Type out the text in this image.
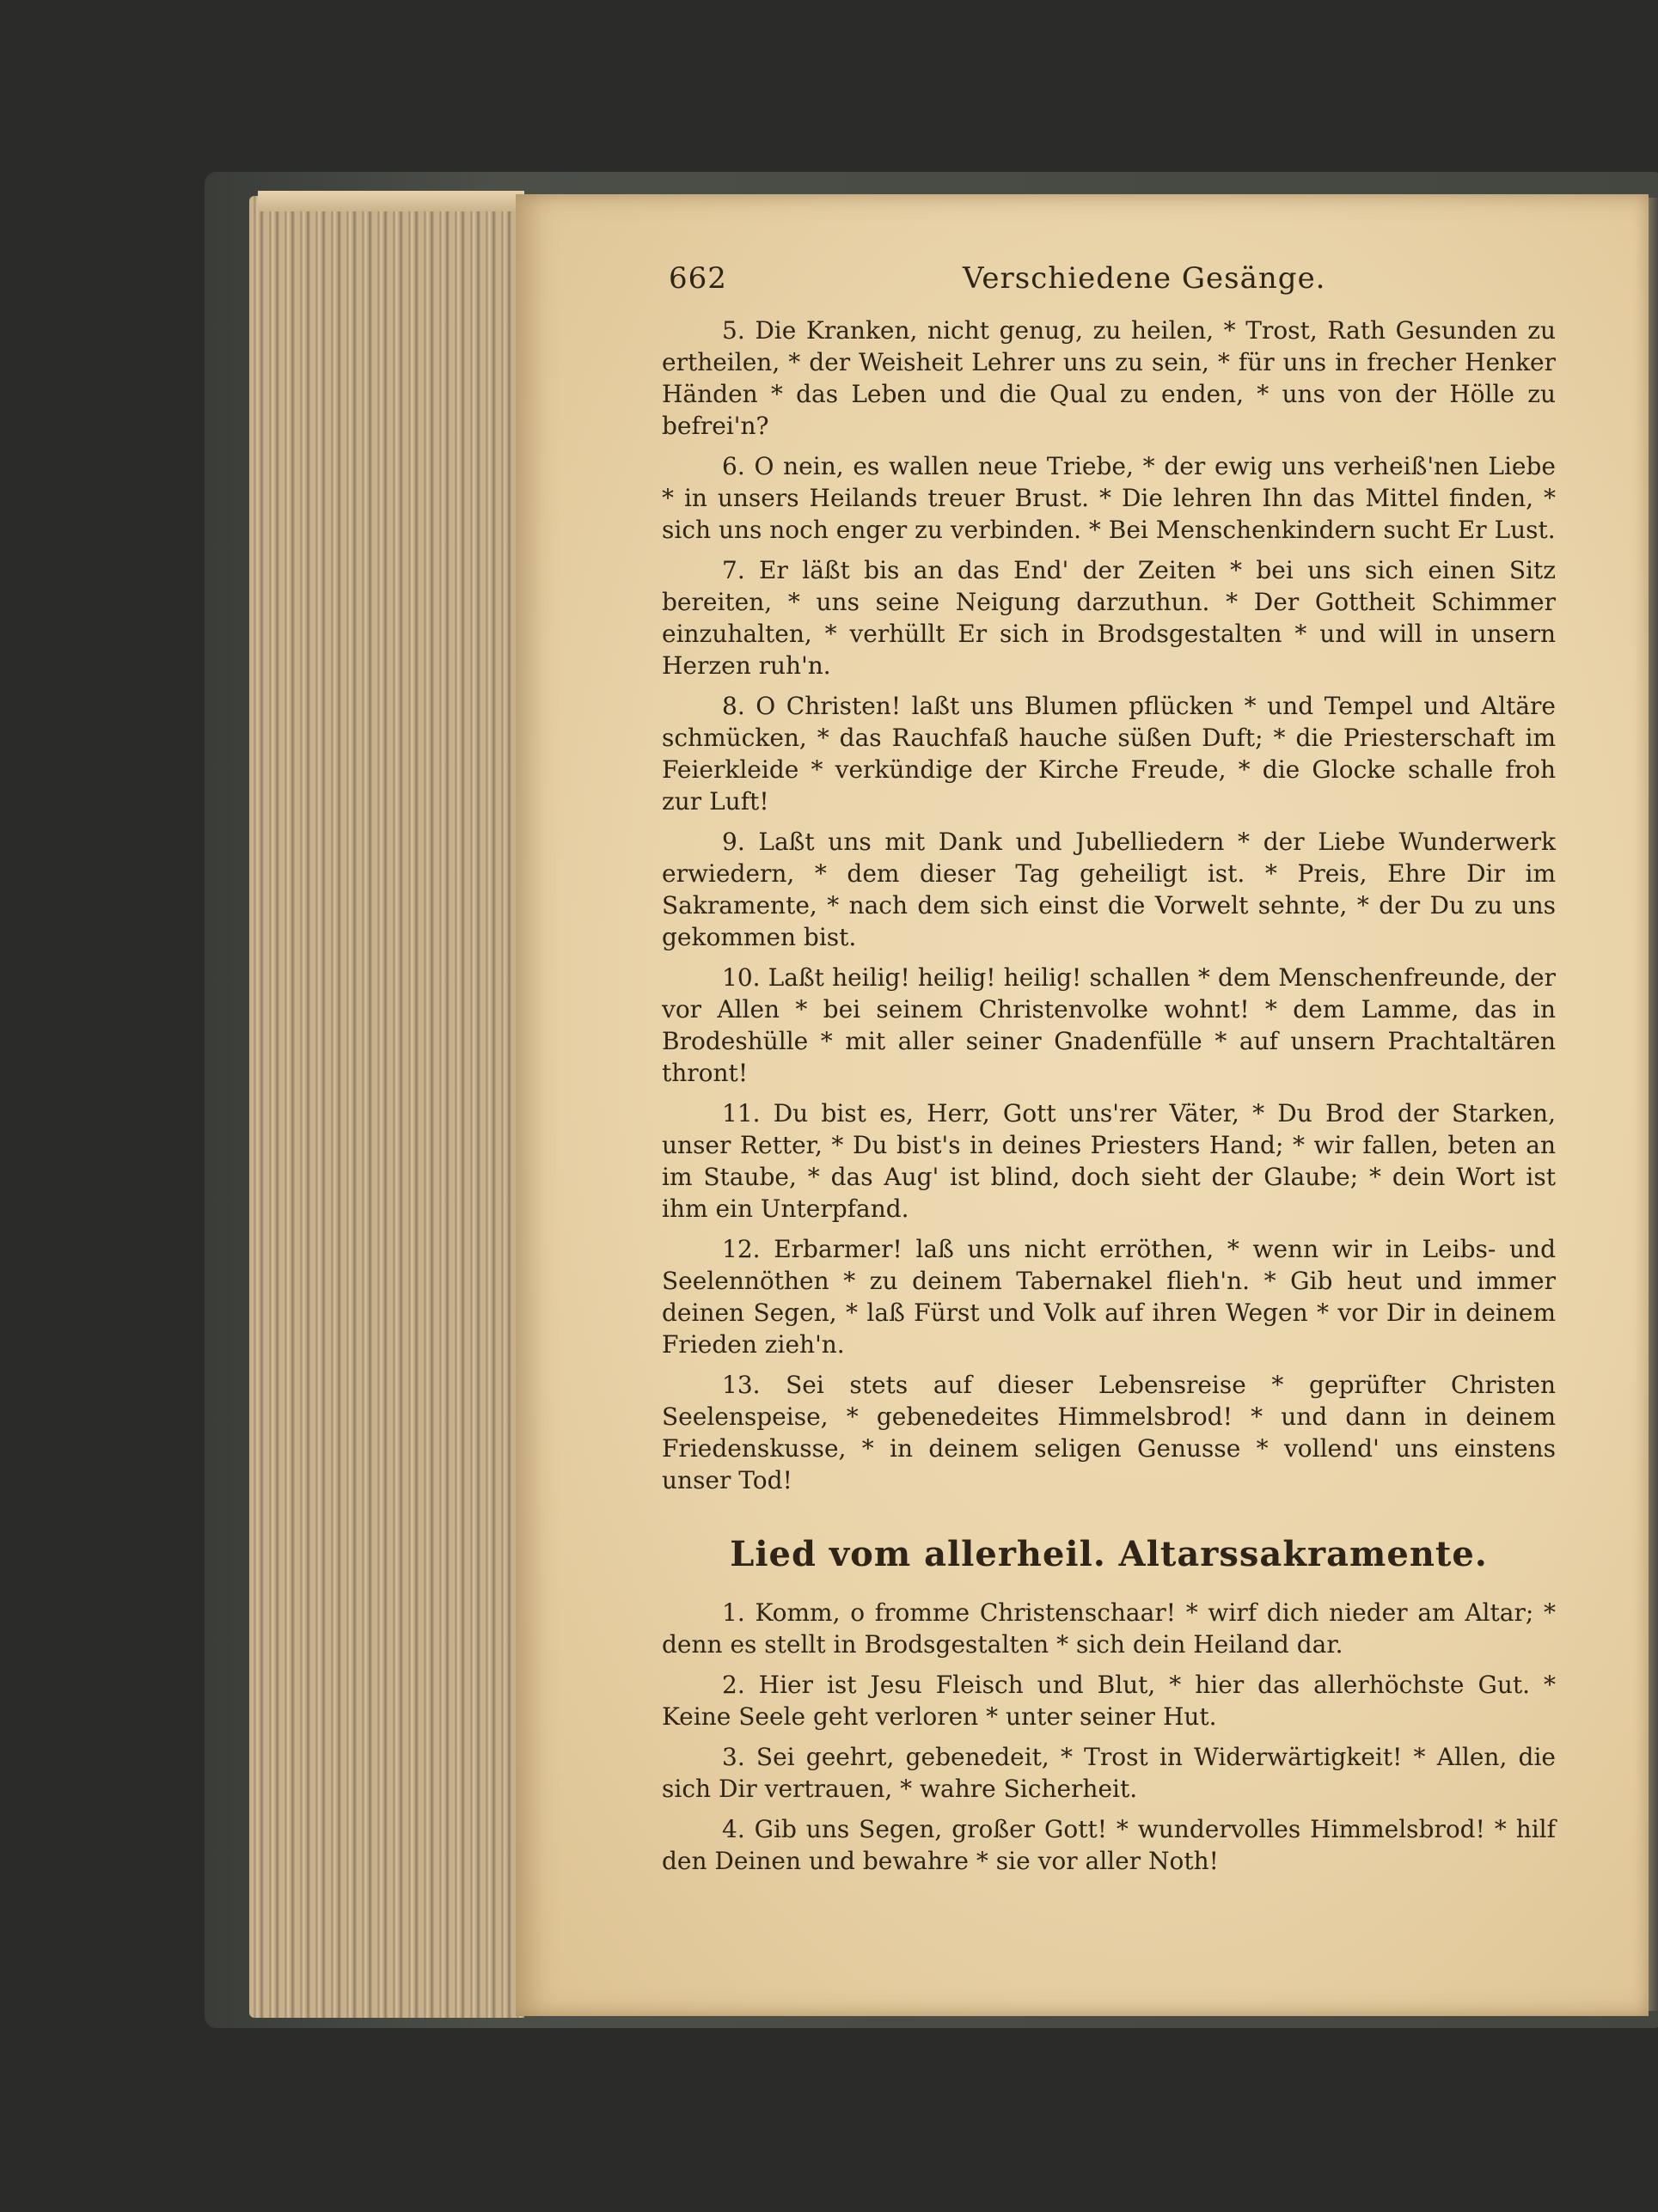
662	Verschiedene Gesänge.

5. Die Kranken, nicht genug, zu heilen, * Trost, Rath Gesunden zu ertheilen, * der Weisheit Lehrer uns zu sein, * für uns in frecher Henker Händen * das Leben und die Qual zu enden, * uns von der Hölle zu befrei'n?

6. O nein, es wallen neue Triebe, * der ewig uns verheiß'nen Liebe * in unsers Heilands treuer Brust. * Die lehren Ihn das Mittel finden, * sich uns noch enger zu verbinden. * Bei Menschenkindern sucht Er Lust.

7. Er läßt bis an das End' der Zeiten * bei uns sich einen Sitz bereiten, * uns seine Neigung darzuthun. * Der Gottheit Schimmer einzuhalten, * verhüllt Er sich in Brodsgestalten * und will in unsern Herzen ruh'n.

8. O Christen! laßt uns Blumen pflücken * und Tempel und Altäre schmücken, * das Rauchfaß hauche süßen Duft; * die Priesterschaft im Feierkleide * verkündige der Kirche Freude, * die Glocke schalle froh zur Luft!

9. Laßt uns mit Dank und Jubelliedern * der Liebe Wunderwerk erwiedern, * dem dieser Tag geheiligt ist. * Preis, Ehre Dir im Sakramente, * nach dem sich einst die Vorwelt sehnte, * der Du zu uns gekommen bist.

10. Laßt heilig! heilig! heilig! schallen * dem Menschenfreunde, der vor Allen * bei seinem Christenvolke wohnt! * dem Lamme, das in Brodeshülle * mit aller seiner Gnadenfülle * auf unsern Prachtaltären thront!

11. Du bist es, Herr, Gott uns'rer Väter, * Du Brod der Starken, unser Retter, * Du bist's in deines Priesters Hand; * wir fallen, beten an im Staube, * das Aug' ist blind, doch sieht der Glaube; * dein Wort ist ihm ein Unterpfand.

12. Erbarmer! laß uns nicht erröthen, * wenn wir in Leibs- und Seelennöthen * zu deinem Tabernakel flieh'n. * Gib heut und immer deinen Segen, * laß Fürst und Volk auf ihren Wegen * vor Dir in deinem Frieden zieh'n.

13. Sei stets auf dieser Lebensreise * geprüfter Christen Seelenspeise, * gebenedeites Himmelsbrod! * und dann in deinem Friedenskusse, * in deinem seligen Genusse * vollend' uns einstens unser Tod!

Lied vom allerheil. Altarssakramente.

1. Komm, o fromme Christenschaar! * wirf dich nieder am Altar; * denn es stellt in Brodsgestalten * sich dein Heiland dar.

2. Hier ist Jesu Fleisch und Blut, * hier das allerhöchste Gut. * Keine Seele geht verloren * unter seiner Hut.

3. Sei geehrt, gebenedeit, * Trost in Widerwärtigkeit! * Allen, die sich Dir vertrauen, * wahre Sicherheit.

4. Gib uns Segen, großer Gott! * wundervolles Himmelsbrod! * hilf den Deinen und bewahre * sie vor aller Noth!
